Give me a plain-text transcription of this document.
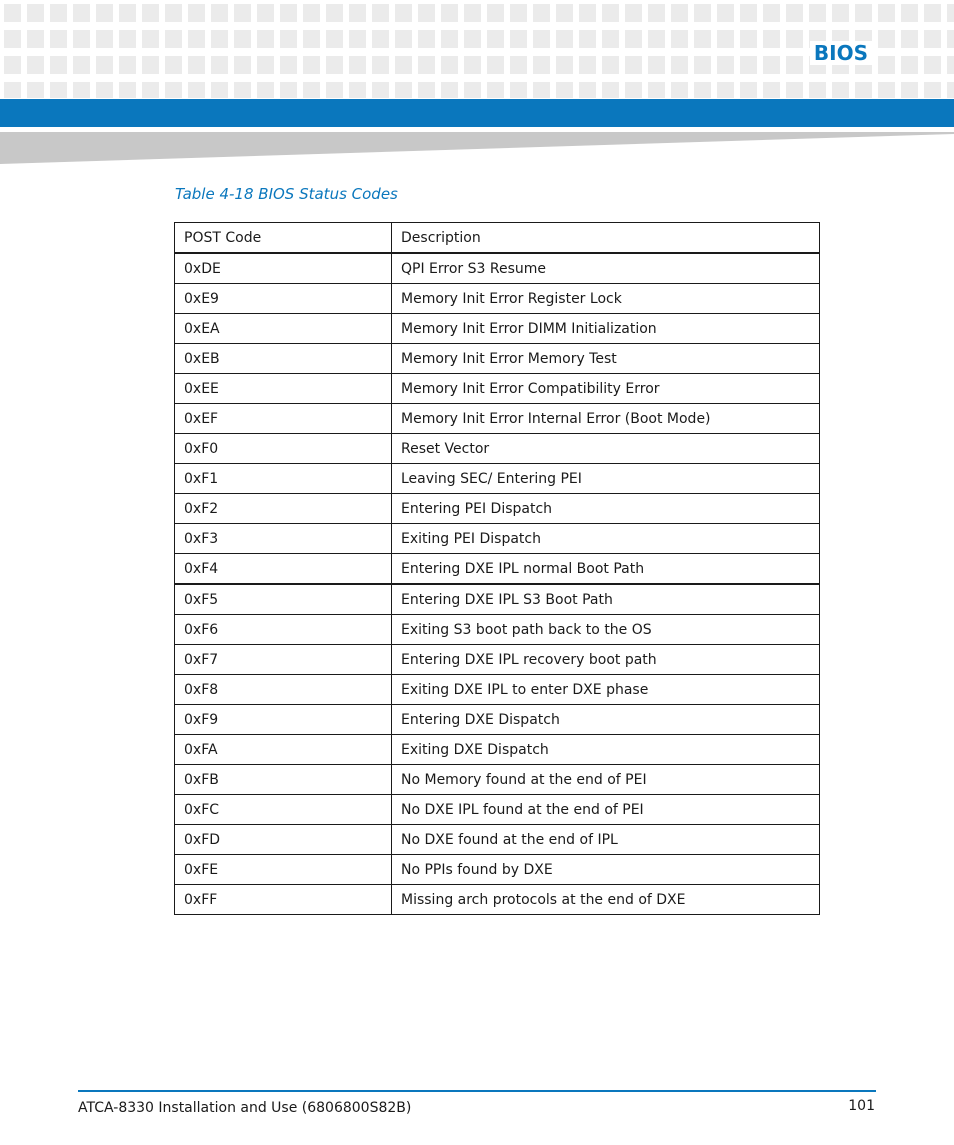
BIOS
Table 4-18 BIOS Status Codes
POST Code	Description
0xDE	QPI Error S3 Resume
0xE9	Memory Init Error Register Lock
0xEA	Memory Init Error DIMM Initialization
0xEB	Memory Init Error Memory Test
0xEE	Memory Init Error Compatibility Error
0xEF	Memory Init Error Internal Error (Boot Mode)
0xF0	Reset Vector
0xF1	Leaving SEC/ Entering PEI
0xF2	Entering PEI Dispatch
0xF3	Exiting PEI Dispatch
0xF4	Entering DXE IPL normal Boot Path
0xF5	Entering DXE IPL S3 Boot Path
0xF6	Exiting S3 boot path back to the OS
0xF7	Entering DXE IPL recovery boot path
0xF8	Exiting DXE IPL to enter DXE phase
0xF9	Entering DXE Dispatch
0xFA	Exiting DXE Dispatch
0xFB	No Memory found at the end of PEI
0xFC	No DXE IPL found at the end of PEI
0xFD	No DXE found at the end of IPL
0xFE	No PPIs found by DXE
0xFF	Missing arch protocols at the end of DXE
ATCA-8330 Installation and Use (6806800S82B)	101
